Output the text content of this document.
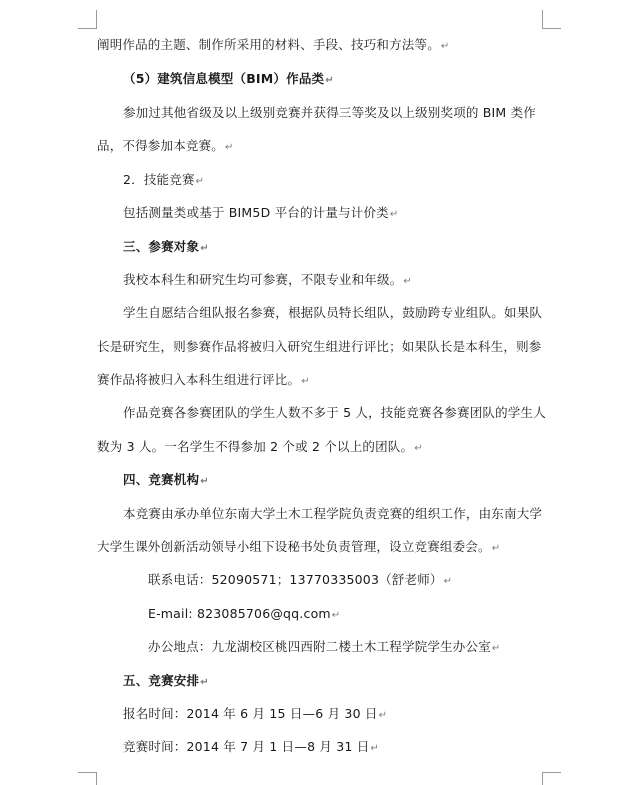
阐明作品的主题、制作所采用的材料、手段、技巧和方法等。↵
（5）建筑信息模型（BIM）作品类↵
参加过其他省级及以上级别竞赛并获得三等奖及以上级别奖项的 BIM 类作
品，不得参加本竞赛。↵
2．技能竞赛↵
包括测量类或基于 BIM5D 平台的计量与计价类↵
三、参赛对象↵
我校本科生和研究生均可参赛，不限专业和年级。↵
学生自愿结合组队报名参赛，根据队员特长组队，鼓励跨专业组队。如果队
长是研究生，则参赛作品将被归入研究生组进行评比；如果队长是本科生，则参
赛作品将被归入本科生组进行评比。↵
作品竞赛各参赛团队的学生人数不多于 5 人，技能竞赛各参赛团队的学生人
数为 3 人。一名学生不得参加 2 个或 2 个以上的团队。↵
四、竞赛机构↵
本竞赛由承办单位东南大学土木工程学院负责竞赛的组织工作，由东南大学
大学生课外创新活动领导小组下设秘书处负责管理，设立竞赛组委会。↵
联系电话：52090571；13770335003（舒老师）↵
E-mail: 823085706@qq.com↵
办公地点：九龙湖校区桃四西附二楼土木工程学院学生办公室↵
五、竞赛安排↵
报名时间：2014 年 6 月 15 日—6 月 30 日↵
竞赛时间：2014 年 7 月 1 日—8 月 31 日↵
